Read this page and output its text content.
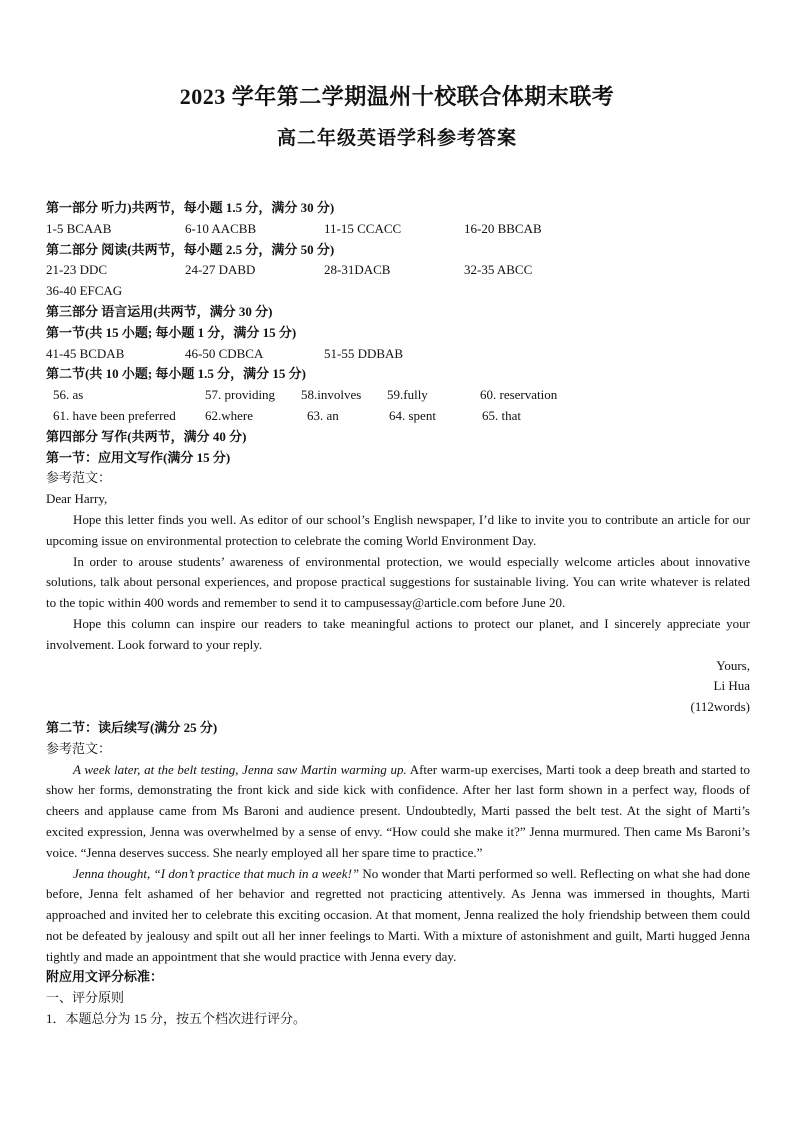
2023 学年第二学期温州十校联合体期末联考
高二年级英语学科参考答案
第一部分 听力)共两节，每小题 1.5 分，满分 30 分)
1-5 BCAAB	6-10 AACBB	11-15 CCACC	16-20 BBCAB
第二部分 阅读(共两节，每小题 2.5 分，满分 50 分)
21-23 DDC	24-27 DABD	28-31DACB	32-35 ABCC
36-40 EFCAG
第三部分 语言运用(共两节，满分 30 分)
第一节(共 15 小题; 每小题 1 分，满分 15 分)
41-45 BCDAB	46-50 CDBCA	51-55 DDBAB
第二节(共 10 小题; 每小题 1.5 分，满分 15 分)
56. as	57. providing 58.involves 59.fully	60. reservation
61. have been preferred 62.where	63. an	64. spent	65. that
第四部分 写作(共两节，满分 40 分)
第一节：应用文写作(满分 15 分)
参考范文：
Dear Harry,
Hope this letter finds you well. As editor of our school’s English newspaper, I’d like to invite you to contribute an article for our upcoming issue on environmental protection to celebrate the coming World Environment Day.
In order to arouse students’ awareness of environmental protection, we would especially welcome articles about innovative solutions, talk about personal experiences, and propose practical suggestions for sustainable living. You can write whatever is related to the topic within 400 words and remember to send it to campusessay@article.com before June 20.
Hope this column can inspire our readers to take meaningful actions to protect our planet, and I sincerely appreciate your involvement. Look forward to your reply.
Yours,
Li Hua
(112words)
第二节：读后续写(满分 25 分)
参考范文：
A week later, at the belt testing, Jenna saw Martin warming up. After warm-up exercises, Marti took a deep breath and started to show her forms, demonstrating the front kick and side kick with confidence. After her last form shown in a perfect way, floods of cheers and applause came from Ms Baroni and audience present. Undoubtedly, Marti passed the belt test. At the sight of Marti’s excited expression, Jenna was overwhelmed by a sense of envy. “How could she make it?” Jenna murmured. Then came Ms Baroni’s voice. “Jenna deserves success. She nearly employed all her spare time to practice.”
Jenna thought, “I don’t practice that much in a week!” No wonder that Marti performed so well. Reflecting on what she had done before, Jenna felt ashamed of her behavior and regretted not practicing attentively. As Jenna was immersed in thoughts, Marti approached and invited her to celebrate this exciting occasion. At that moment, Jenna realized the holy friendship between them could not be defeated by jealousy and spilt out all her inner feelings to Marti. With a mixture of astonishment and guilt, Marti hugged Jenna tightly and made an appointment that she would practice with Jenna every day.
附应用文评分标准：
一、评分原则
1．本题总分为 15 分，按五个档次进行评分。
